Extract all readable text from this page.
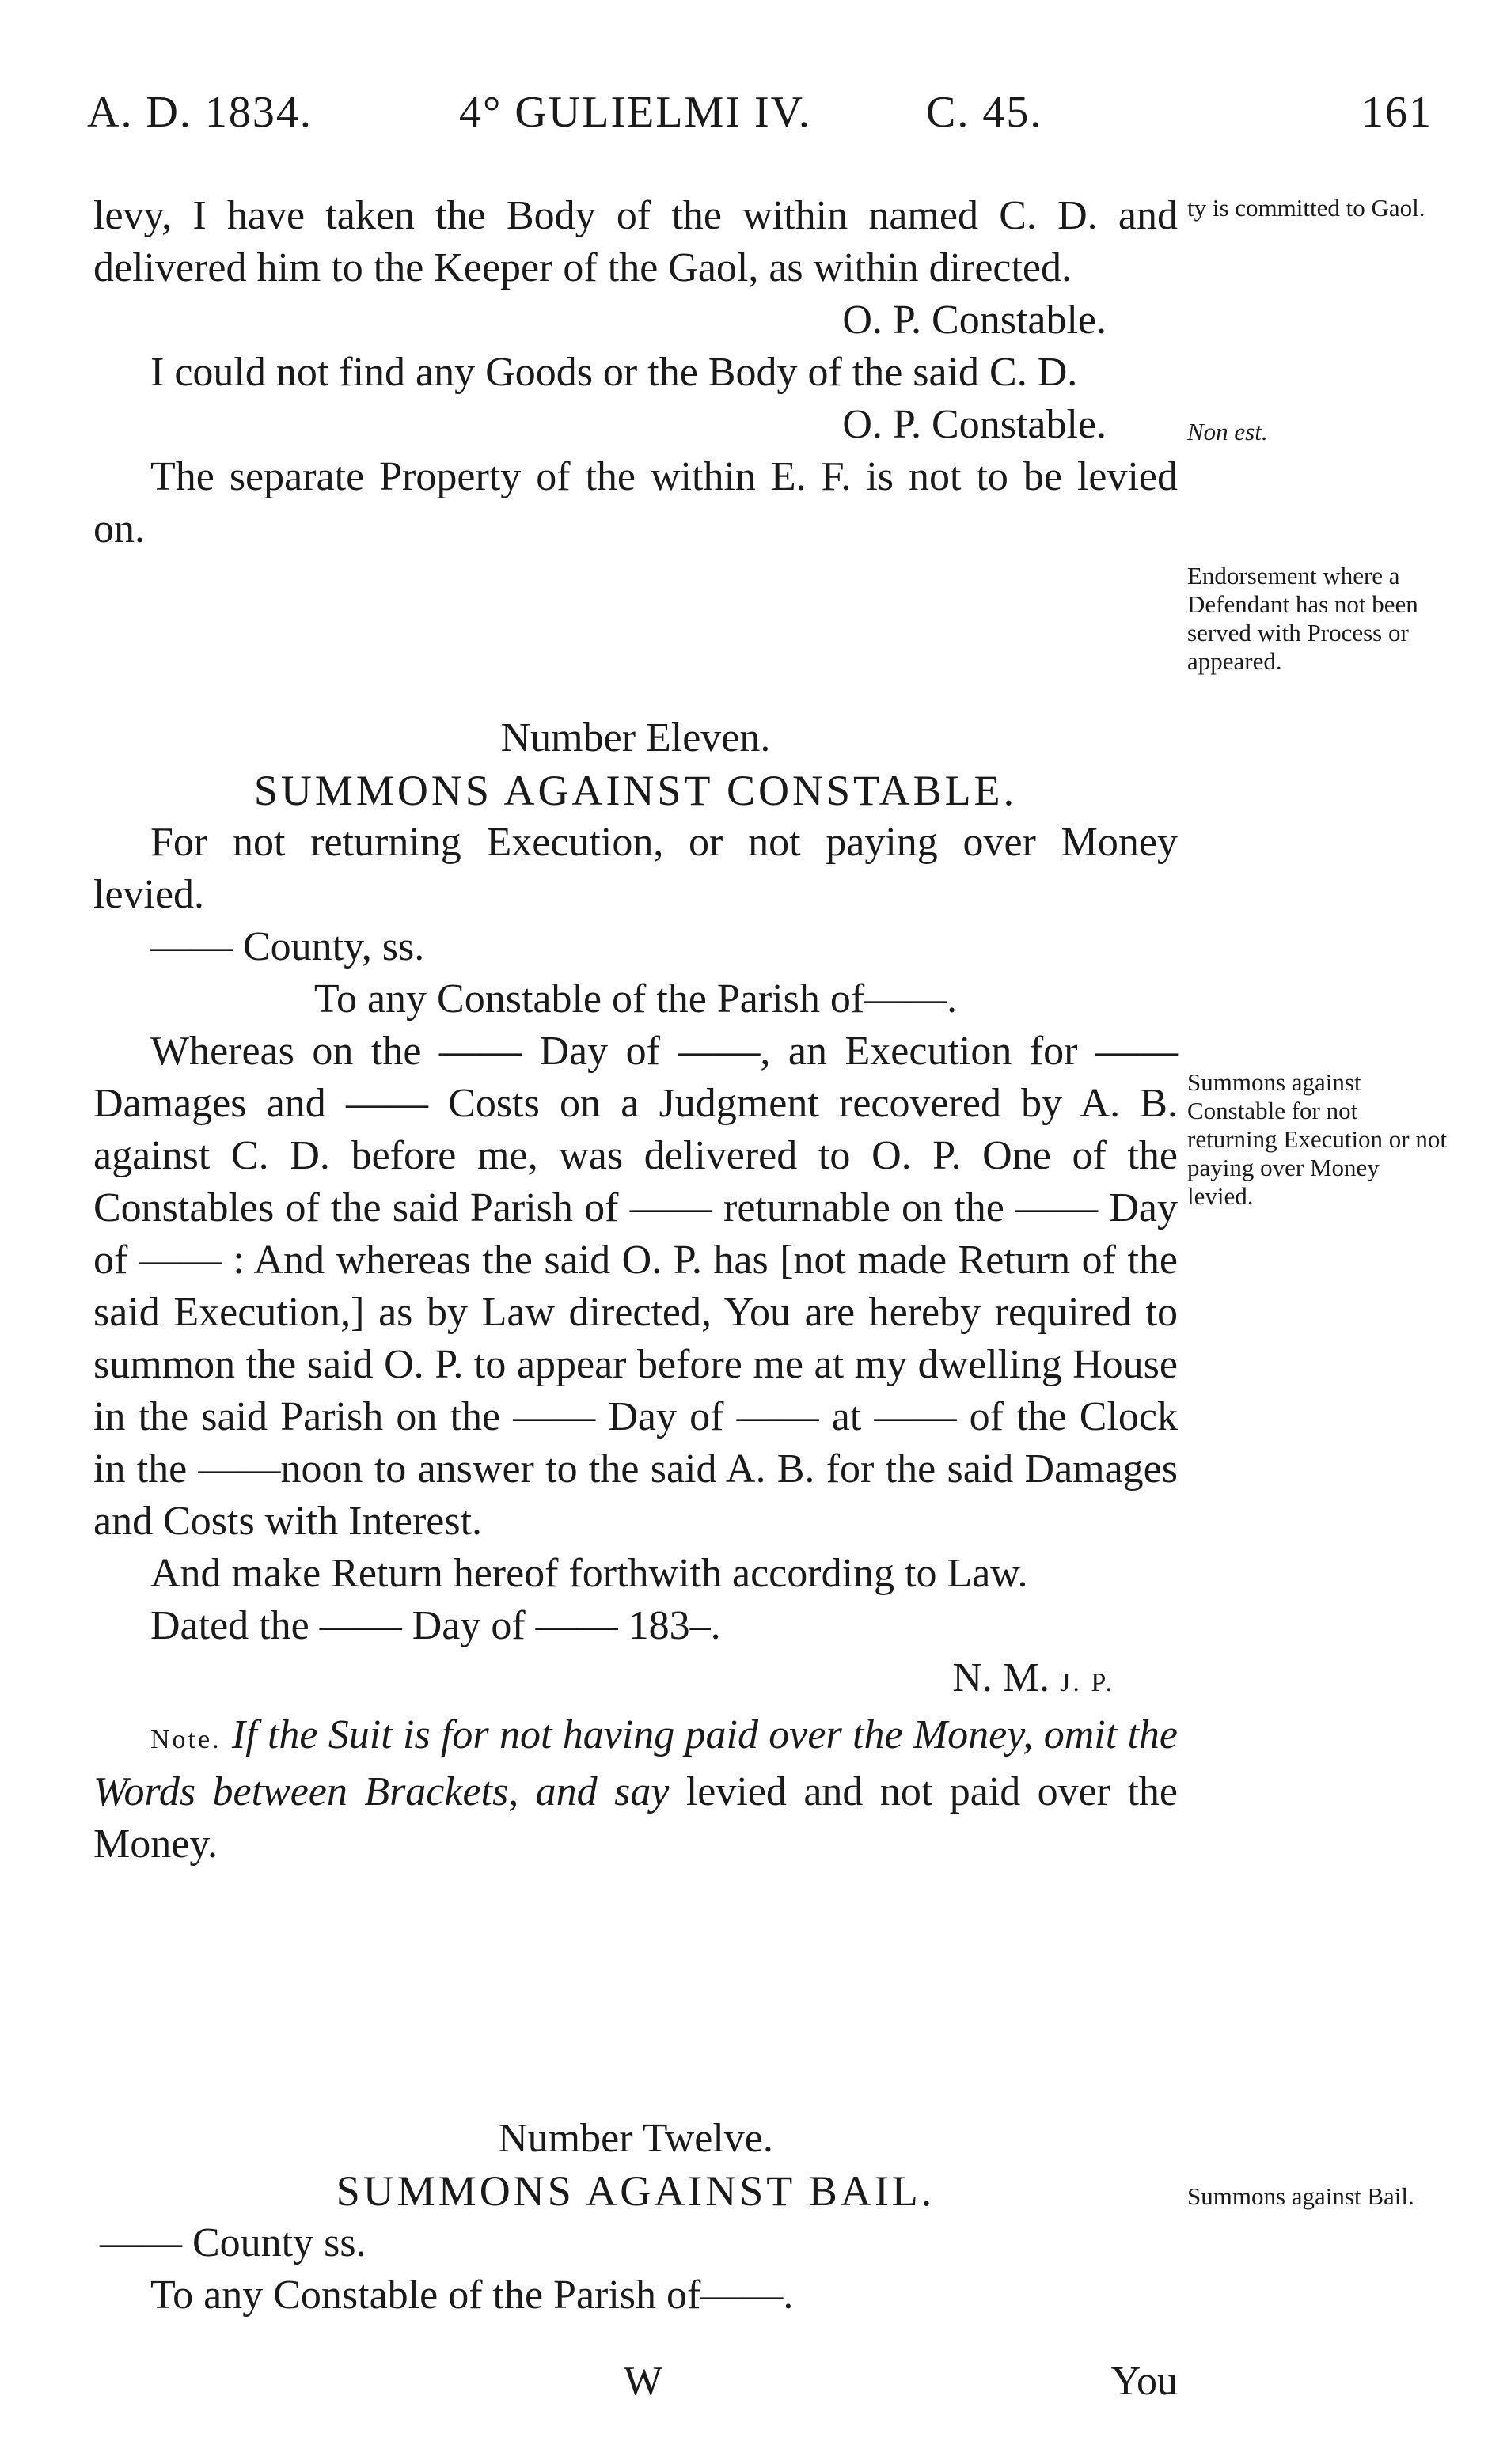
A. D. 1834.	4° GULIELMI IV.	C. 45.	161

levy, I have taken the Body of the within named C. D. and delivered him to the Keeper of the Gaol, as within directed.

O. P. Constable.

I could not find any Goods or the Body of the said C. D.

O. P. Constable.

The separate Property of the within E. F. is not to be levied on.

Number Eleven.

SUMMONS AGAINST CONSTABLE.

For not returning Execution, or not paying over Money levied.

—— County, ss.

To any Constable of the Parish of——.

Whereas on the —— Day of ——, an Execution for —— Damages and —— Costs on a Judgment recovered by A. B. against C. D. before me, was delivered to O. P. One of the Constables of the said Parish of —— returnable on the —— Day of —— : And whereas the said O. P. has [not made Return of the said Execution,] as by Law directed, You are hereby required to summon the said O. P. to appear before me at my dwelling House in the said Parish on the —— Day of —— at —— of the Clock in the ——noon to answer to the said A. B. for the said Damages and Costs with Interest.

And make Return hereof forthwith according to Law.

Dated the —— Day of —— 183–.

N. M. J. P.

Note. If the Suit is for not having paid over the Money, omit the Words between Brackets, and say levied and not paid over the Money.

Number Twelve.

SUMMONS AGAINST BAIL.

—— County ss.

To any Constable of the Parish of——.

W	You

ty is committed to Gaol.

Non est.

Endorsement where a Defendant has not been served with Process or appeared.

Summons against Constable for not returning Execution or not paying over Money levied.

Summons against Bail.
